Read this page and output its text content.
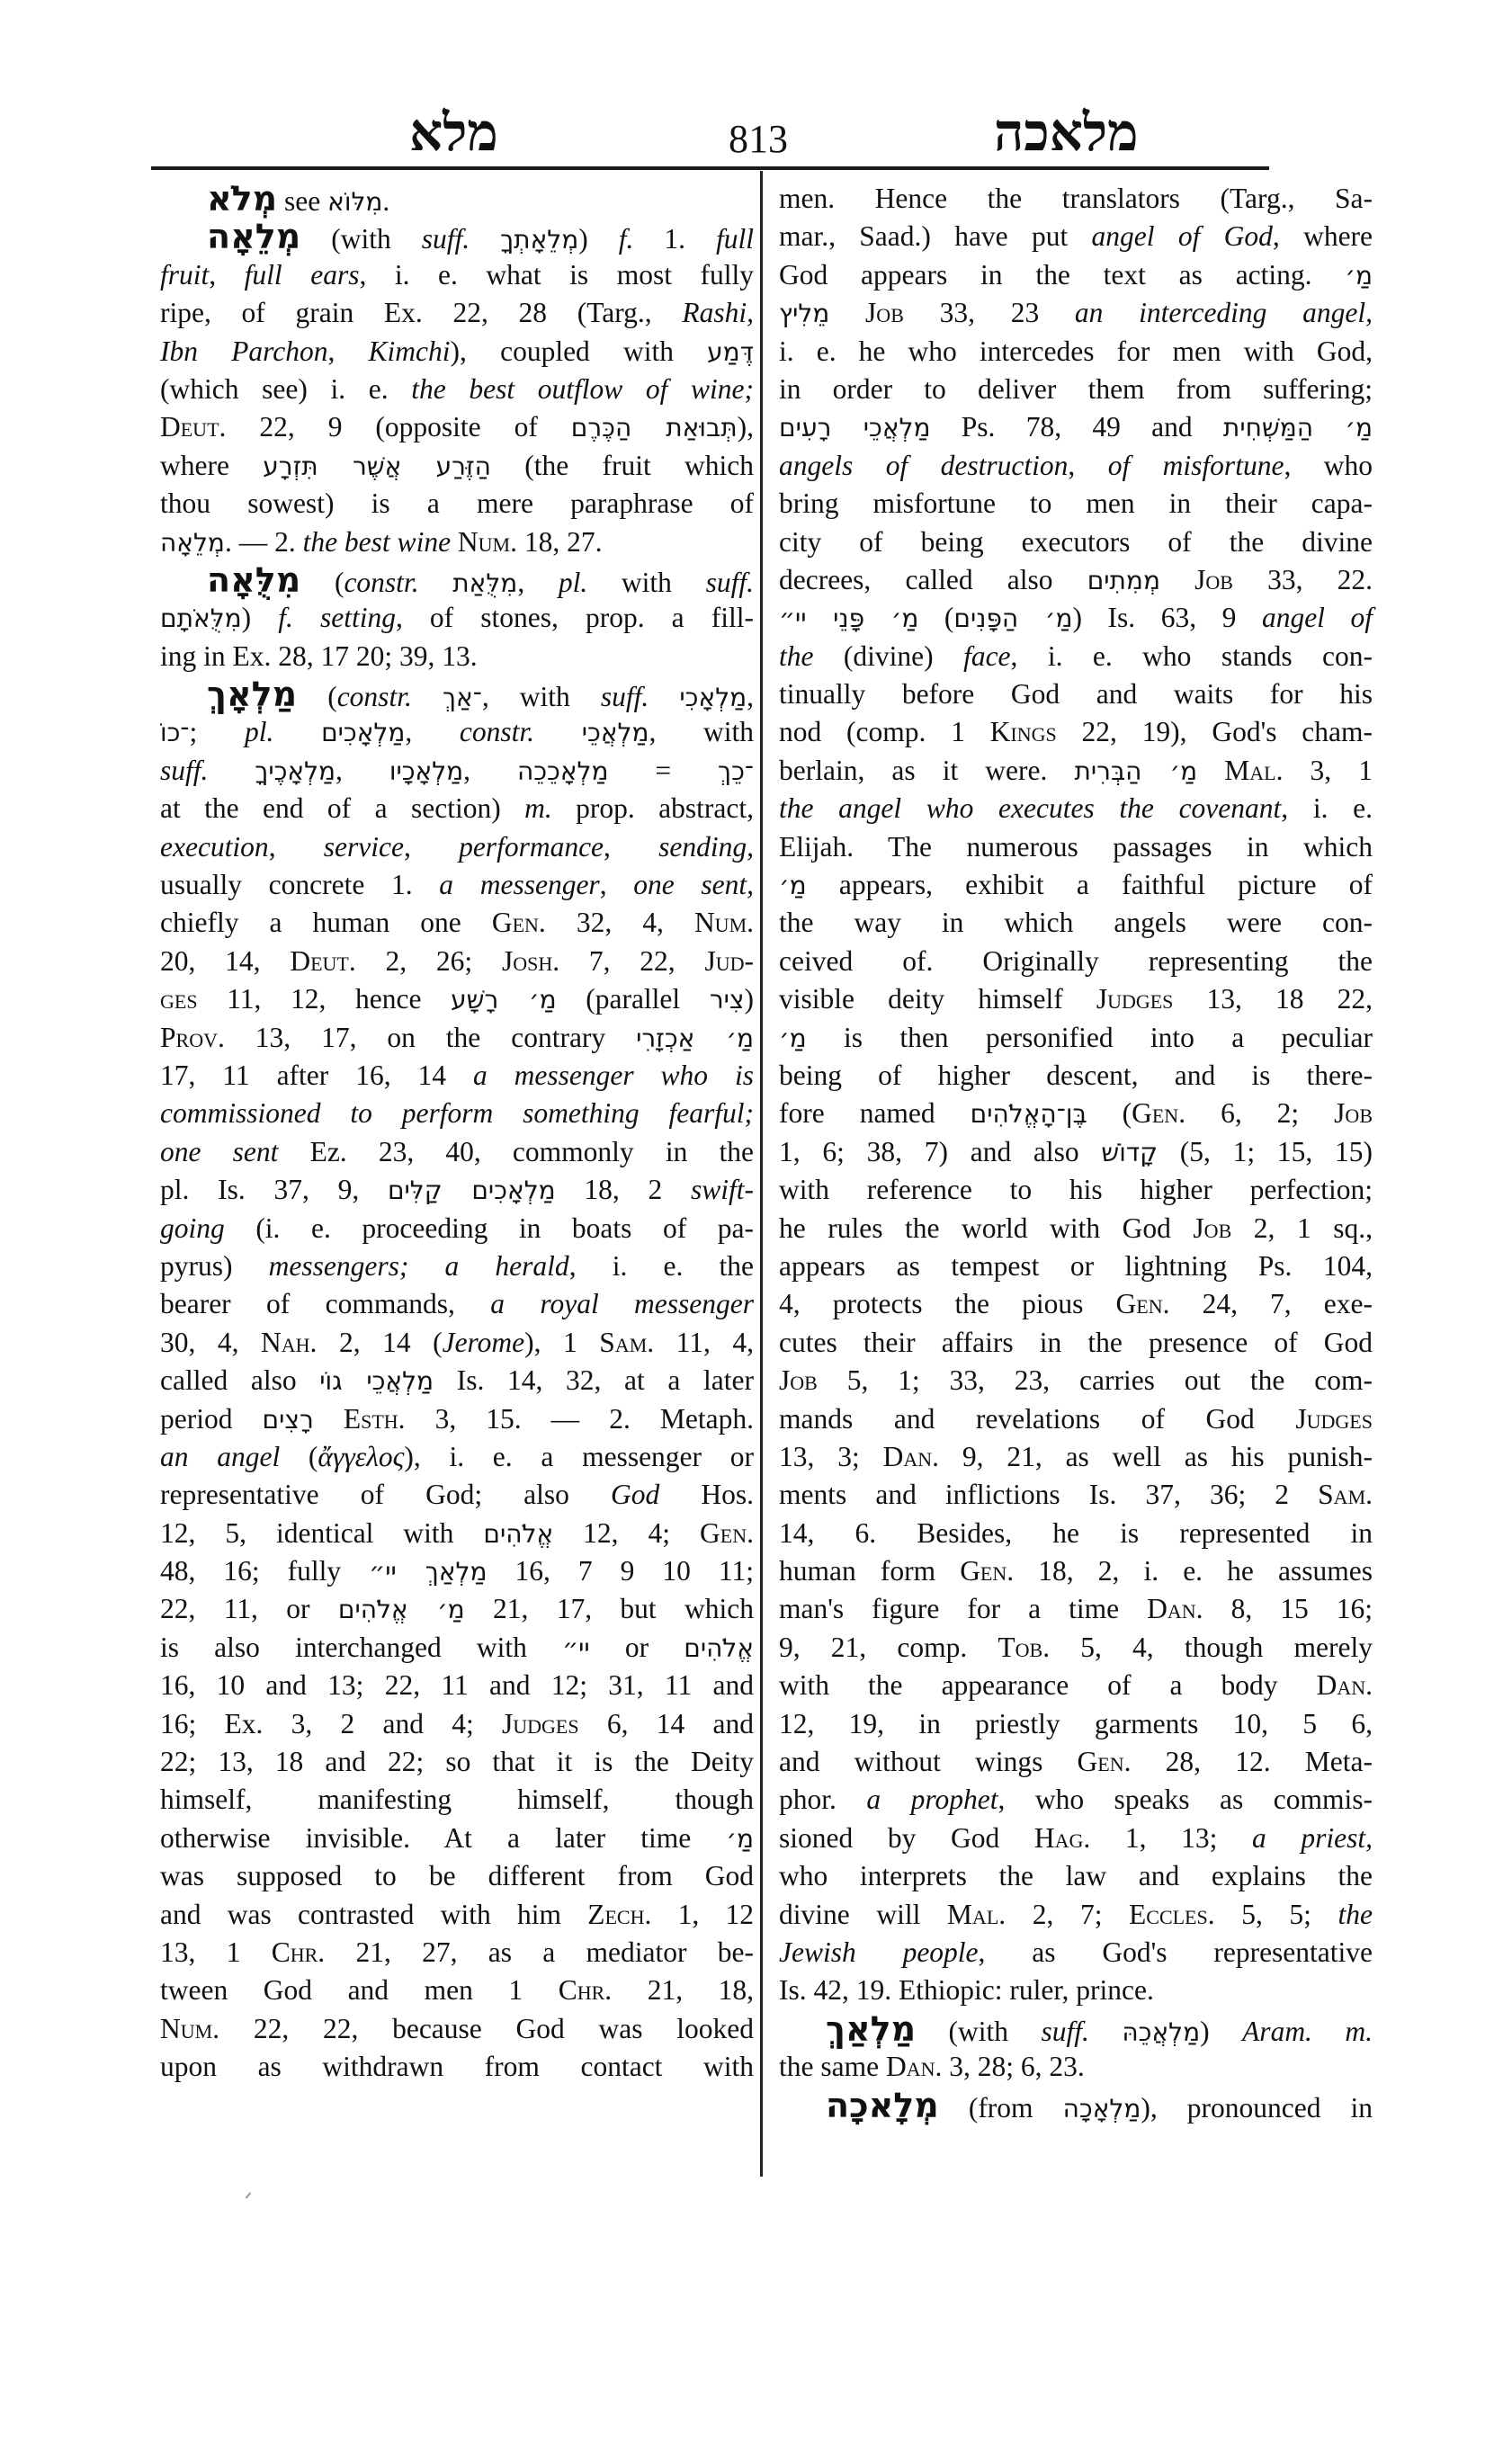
מלא	813	מלאכה
מְלֹא see מִלּוֹא.
מְלֵאָה (with suff. מְלֵאָתְךָ) f. 1. full
fruit, full ears, i. e. what is most fully
ripe, of grain Ex. 22, 28 (Targ., Rashi,
Ibn Parchon, Kimchi), coupled with דֶּמַע
(which see) i. e. the best outflow of wine;
Deut. 22, 9 (opposite of תְּבוּאַת הַכֶּרֶם),
where הַזֶּרַע אֲשֶׁר תִּזְרָע (the fruit which
thou sowest) is a mere paraphrase of
מְלֵאָה. — 2. the best wine Num. 18, 27.
מִלֻּאָה (constr. מִלֻּאַת, pl. with suff.
מִלֻּאֹתָם) f. setting, of stones, prop. a fill-
ing in Ex. 28, 17 20; 39, 13.
מַלְאָךְ (constr. ־אַךְ, with suff. מַלְאָכִי,
־כוֹ; pl. מַלְאָכִים, constr. מַלְאֲכֵי, with
suff. מַלְאָכֶיךָ, מַלְאָכָיו, מַלְאָכֵכֵה = ־כֵךְ
at the end of a section) m. prop. abstract,
execution, service, performance, sending,
usually concrete 1. a messenger, one sent,
chiefly a human one Gen. 32, 4, Num.
20, 14, Deut. 2, 26; Josh. 7, 22, Jud-
ges 11, 12, hence מַ׳ רָשָׁע (parallel צִיר)
Prov. 13, 17, on the contrary מַ׳ אַכְזָרִי
17, 11 after 16, 14 a messenger who is
commissioned to perform something fearful;
one sent Ez. 23, 40, commonly in the
pl. Is. 37, 9, מַלְאָכִים קַלִּים 18, 2 swift-
going (i. e. proceeding in boats of pa-
pyrus) messengers; a herald, i. e. the
bearer of commands, a royal messenger
30, 4, Nah. 2, 14 (Jerome), 1 Sam. 11, 4,
called also מַלְאֲכֵי גוֹי Is. 14, 32, at a later
period רָצִים Esth. 3, 15. — 2. Metaph.
an angel (ἄγγελος), i. e. a messenger or
representative of God; also God Hos.
12, 5, identical with אֱלֹהִים 12, 4; Gen.
48, 16; fully מַלְאַךְ יי״ 16, 7 9 10 11;
22, 11, or מַ׳ אֱלֹהִים 21, 17, but which
is also interchanged with יי״ or אֱלֹהִים
16, 10 and 13; 22, 11 and 12; 31, 11 and
16; Ex. 3, 2 and 4; Judges 6, 14 and
22; 13, 18 and 22; so that it is the Deity
himself, manifesting himself, though
otherwise invisible. At a later time מַ׳
was supposed to be different from God
and was contrasted with him Zech. 1, 12
13, 1 Chr. 21, 27, as a mediator be-
tween God and men 1 Chr. 21, 18,
Num. 22, 22, because God was looked
upon as withdrawn from contact with
men. Hence the translators (Targ., Sa-
mar., Saad.) have put angel of God, where
God appears in the text as acting. מַ׳
מֵלִיץ Job 33, 23 an interceding angel,
i. e. he who intercedes for men with God,
in order to deliver them from suffering;
מַלְאֲכֵי רָעִים Ps. 78, 49 and מַ׳ הַמַּשְׁחִית
angels of destruction, of misfortune, who
bring misfortune to men in their capa-
city of being executors of the divine
decrees, called also מְמִתִים Job 33, 22.
מַ׳ פָּנֵי יי״ (מַ׳ הַפָּנִים) Is. 63, 9 angel of
the (divine) face, i. e. who stands con-
tinually before God and waits for his
nod (comp. 1 Kings 22, 19), God's cham-
berlain, as it were. מַ׳ הַבְּרִית Mal. 3, 1
the angel who executes the covenant, i. e.
Elijah. The numerous passages in which
מַ׳ appears, exhibit a faithful picture of
the way in which angels were con-
ceived of. Originally representing the
visible deity himself Judges 13, 18 22,
מַ׳ is then personified into a peculiar
being of higher descent, and is there-
fore named בֶּן־הָאֱלֹהִים (Gen. 6, 2; Job
1, 6; 38, 7) and also קָדוֹשׁ (5, 1; 15, 15)
with reference to his higher perfection;
he rules the world with God Job 2, 1 sq.,
appears as tempest or lightning Ps. 104,
4, protects the pious Gen. 24, 7, exe-
cutes their affairs in the presence of God
Job 5, 1; 33, 23, carries out the com-
mands and revelations of God Judges
13, 3; Dan. 9, 21, as well as his punish-
ments and inflictions Is. 37, 36; 2 Sam.
14, 6. Besides, he is represented in
human form Gen. 18, 2, i. e. he assumes
man's figure for a time Dan. 8, 15 16;
9, 21, comp. Tob. 5, 4, though merely
with the appearance of a body Dan.
12, 19, in priestly garments 10, 5 6,
and without wings Gen. 28, 12. Meta-
phor. a prophet, who speaks as commis-
sioned by God Hag. 1, 13; a priest,
who interprets the law and explains the
divine will Mal. 2, 7; Eccles. 5, 5; the
Jewish people, as God's representative
Is. 42, 19. Ethiopic: ruler, prince.
מַלְאַךְ (with suff. מַלְאֲכֵהּ) Aram. m.
the same Dan. 3, 28; 6, 23.
מְלָאכָה (from מַלְאָכָה), pronounced in
